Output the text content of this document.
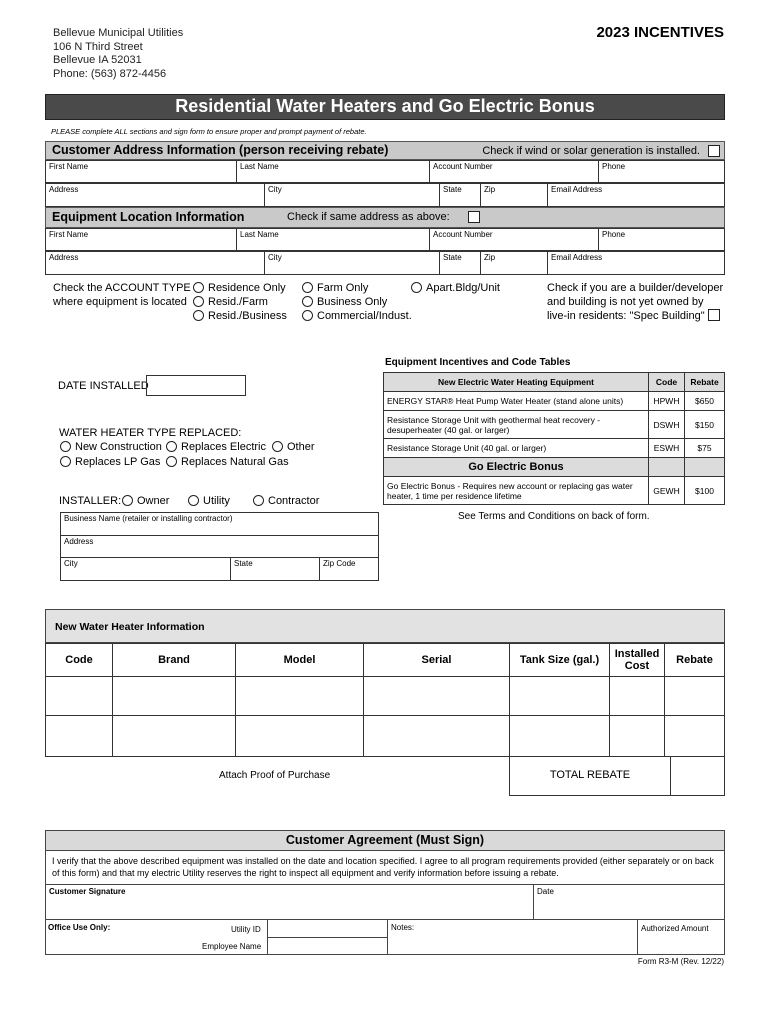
Bellevue Municipal Utilities
106 N Third Street
Bellevue IA 52031
Phone: (563) 872-4456
2023 INCENTIVES
Residential Water Heaters and Go Electric Bonus
PLEASE complete ALL sections and sign form to ensure proper and prompt payment of rebate.
Customer Address Information (person receiving rebate)	Check if wind or solar generation is installed.
First Name	Last Name	Account Number	Phone
Address	City	State	Zip	Email Address
Equipment Location Information	Check if same address as above:
First Name	Last Name	Account Number	Phone
Address	City	State	Zip	Email Address
Check the ACCOUNT TYPE
where equipment is located
Residence Only
Resid./Farm
Resid./Business
Farm Only
Business Only
Commercial/Indust.
Apart.Bldg/Unit	Check if you are a builder/developer
and building is not yet owned by
live-in residents: "Spec Building"
DATE INSTALLED
WATER HEATER TYPE REPLACED:
New Construction	Replaces Electric	Other
Replaces LP Gas	Replaces Natural Gas
INSTALLER:	Owner	Utility	Contractor
Business Name (retailer or installing contractor)
Address
City	State	Zip Code
Equipment Incentives and Code Tables
New Electric Water Heating Equipment	Code	Rebate
ENERGY STAR® Heat Pump Water Heater (stand alone units)	HPWH	$650
Resistance Storage Unit with geothermal heat recovery - desuperheater (40 gal. or larger)	DSWH	$150
Resistance Storage Unit (40 gal. or larger)	ESWH	$75
Go Electric Bonus		
Go Electric Bonus - Requires new account or replacing gas water heater, 1 time per residence lifetime	GEWH	$100
See Terms and Conditions on back of form.
New Water Heater Information
Code	Brand	Model	Serial	Tank Size (gal.)	Installed Cost	Rebate

Attach Proof of Purchase	TOTAL REBATE
Customer Agreement (Must Sign)
I verify that the above described equipment was installed on the date and location specified. I agree to all program requirements provided (either separately or on back of this form) and that my electric Utility reserves the right to inspect all equipment and verify information before issuing a rebate.
Customer Signature	Date
Office Use Only:	Utility ID
Employee Name
Notes:	Authorized Amount
Form R3-M (Rev. 12/22)
